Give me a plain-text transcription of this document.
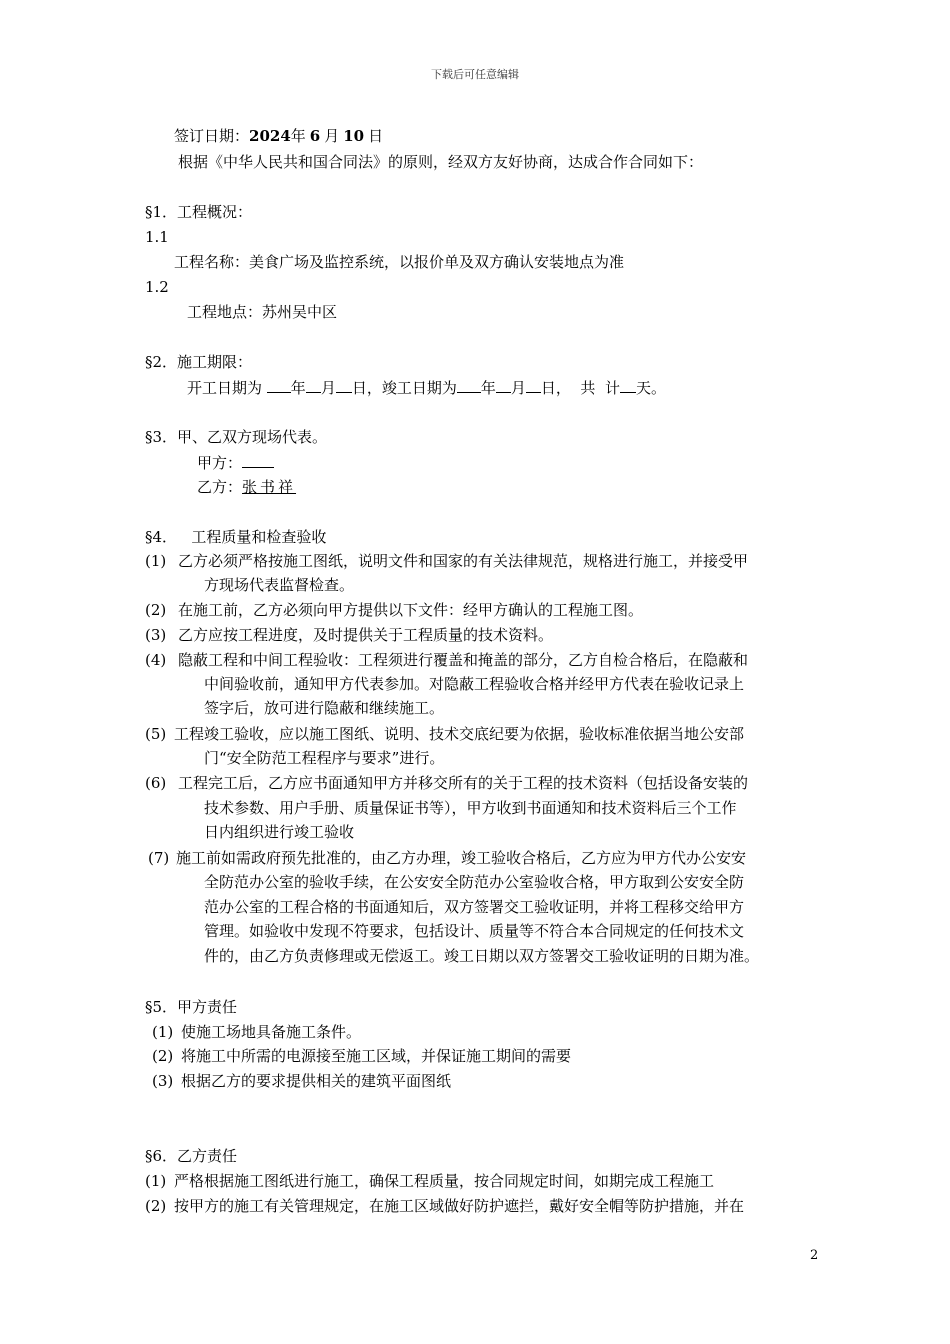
下载后可任意编辑
签订日期：2024年 6 月 10 日
根据《中华人民共和国合同法》的原则，经双方友好协商，达成合作合同如下：
§1．工程概况：
1.1
工程名称：美食广场及监控系统，以报价单及双方确认安装地点为准
1.2
工程地点：苏州吴中区
§2．施工期限：
开工日期为 年 月 日，竣工日期为 年 月 日，  共  计 天。
§3．甲、乙双方现场代表。
甲方：
乙方：张书祥
§4．   工程质量和检查验收
(1) 乙方必须严格按施工图纸，说明文件和国家的有关法律规范，规格进行施工，并接受甲
方现场代表监督检查。
(2) 在施工前，乙方必须向甲方提供以下文件：经甲方确认的工程施工图。
(3) 乙方应按工程进度，及时提供关于工程质量的技术资料。
(4) 隐蔽工程和中间工程验收：工程须进行覆盖和掩盖的部分，乙方自检合格后，在隐蔽和
中间验收前，通知甲方代表参加。对隐蔽工程验收合格并经甲方代表在验收记录上
签字后，放可进行隐蔽和继续施工。
(5) 工程竣工验收，应以施工图纸、说明、技术交底纪要为依据，验收标准依据当地公安部
门“安全防范工程程序与要求”进行。
(6) 工程完工后，乙方应书面通知甲方并移交所有的关于工程的技术资料（包括设备安装的
技术参数、用户手册、质量保证书等），甲方收到书面通知和技术资料后三个工作
日内组织进行竣工验收
(7) 施工前如需政府预先批准的，由乙方办理，竣工验收合格后，乙方应为甲方代办公安安
全防范办公室的验收手续，在公安安全防范办公室验收合格，甲方取到公安安全防
范办公室的工程合格的书面通知后，双方签署交工验收证明，并将工程移交给甲方
管理。如验收中发现不符要求，包括设计、质量等不符合本合同规定的任何技术文
件的，由乙方负责修理或无偿返工。竣工日期以双方签署交工验收证明的日期为准。
§5．甲方责任
(1) 使施工场地具备施工条件。
(2) 将施工中所需的电源接至施工区域，并保证施工期间的需要
(3) 根据乙方的要求提供相关的建筑平面图纸
§6．乙方责任
(1) 严格根据施工图纸进行施工，确保工程质量，按合同规定时间，如期完成工程施工
(2) 按甲方的施工有关管理规定，在施工区域做好防护遮拦，戴好安全帽等防护措施，并在
2
